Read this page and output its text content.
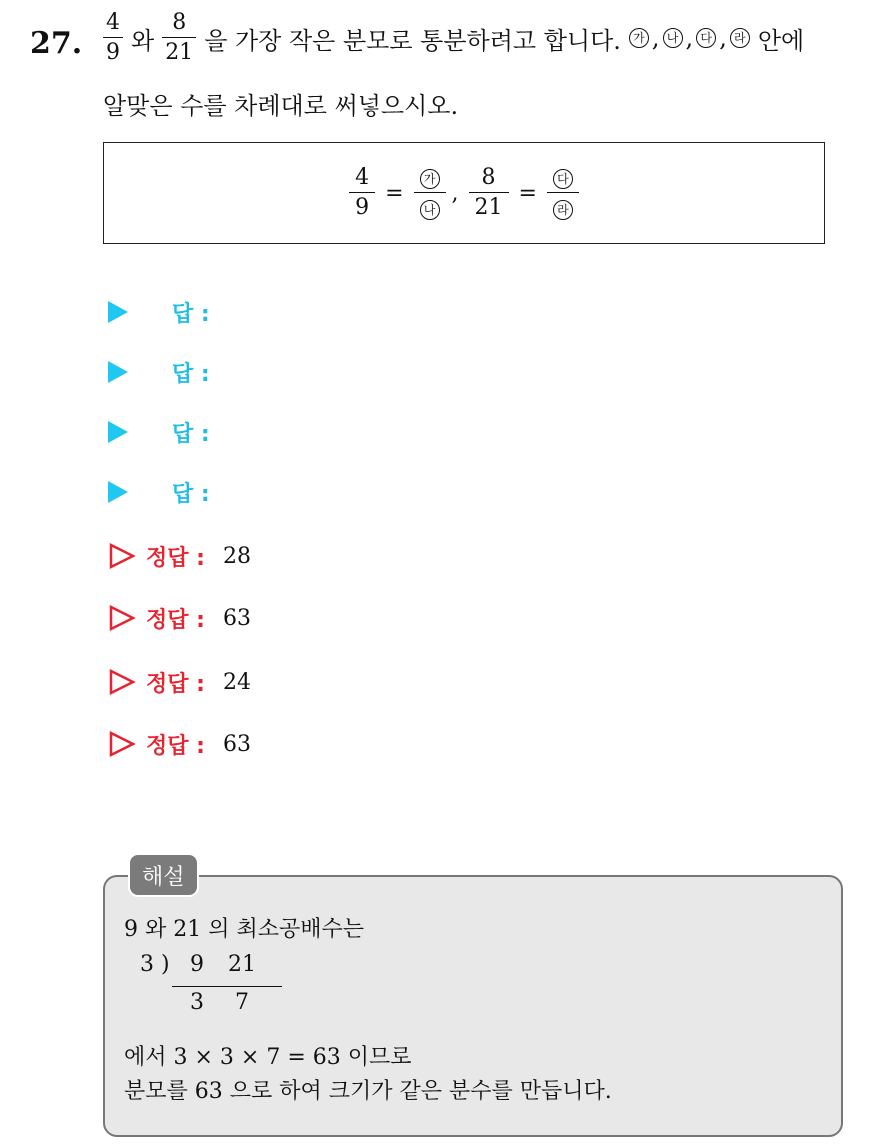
27. $\frac{4}{9}$ 와 $\frac{8}{21}$ 을 가장 작은 분모로 통분하려고 합니다.	가 , 나 , 다 , 라 안에
알맞은 수를 차례대로 써넣으시오.
$\frac{4}{9} = \frac{\text{가}}{\text{나}}$ , $\frac{8}{21} = \frac{\text{다}}{\text{라}}$
답 :
답 :
답 :
답 :
정답 : 28
정답 : 63
정답 : 24
정답 : 63
해설
9 와 21 의 최소공배수는
3 ) 9	21
3	7
에서 3 × 3 × 7 = 63 이므로
분모를 63 으로 하여 크기가 같은 분수를 만듭니다.
